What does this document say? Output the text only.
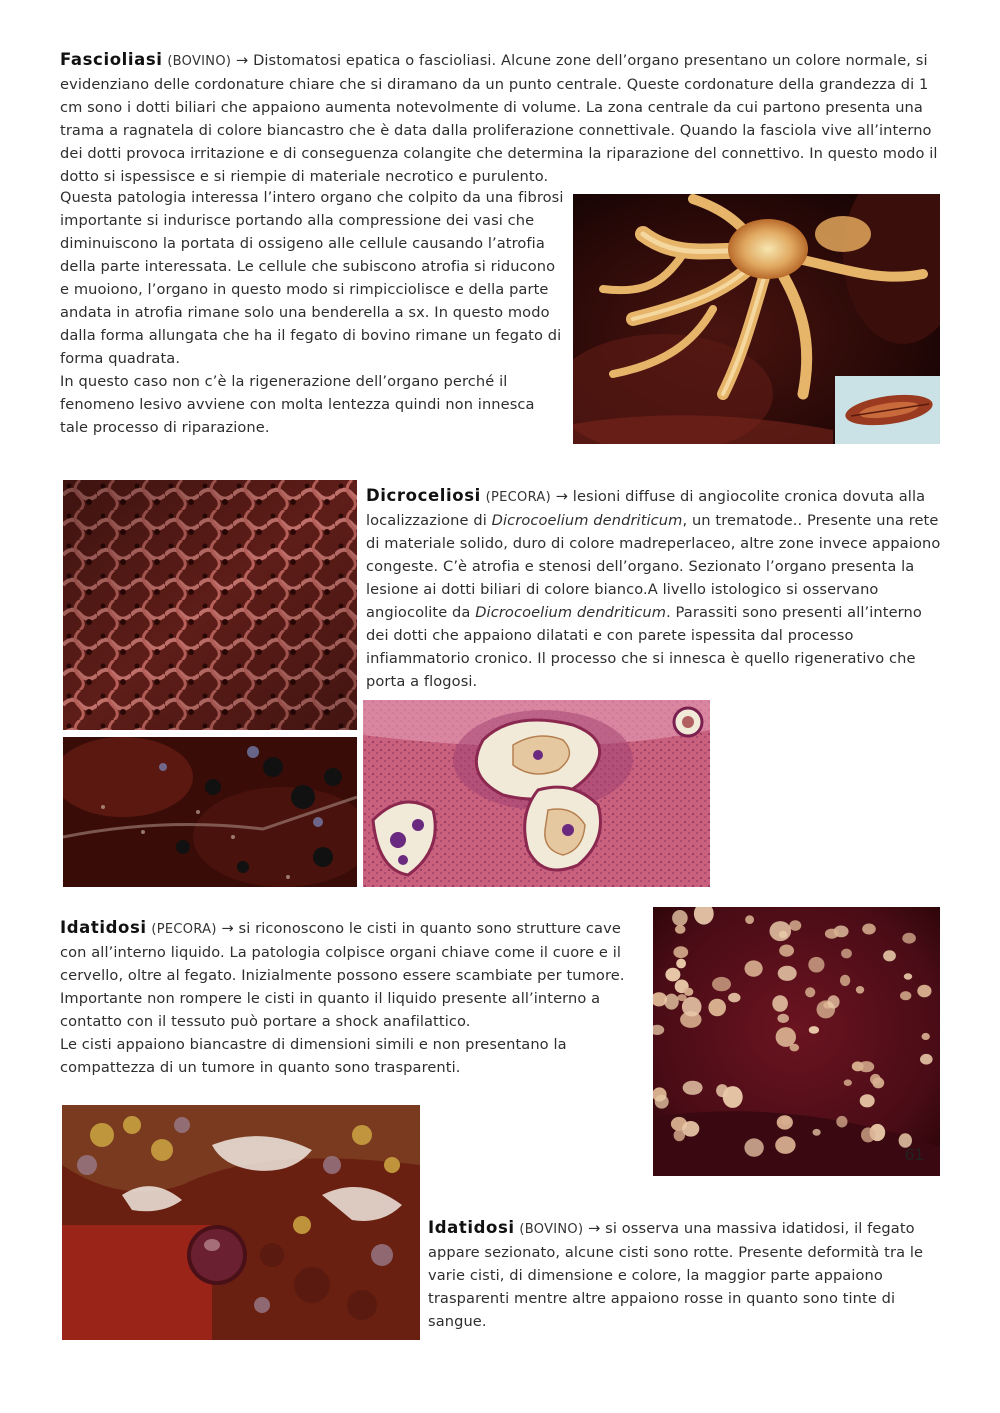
Fascioliasi (BOVINO) → Distomatosi epatica o fascioliasi. Alcune zone dell’organo presentano un colore normale, si evidenziano delle cordonature chiare che si diramano da un punto centrale. Queste cordonature della grandezza di 1 cm sono i dotti biliari che appaiono aumenta notevolmente di volume. La zona centrale da cui partono presenta una trama a ragnatela di colore biancastro che è data dalla proliferazione connettivale. Quando la fasciola vive all’interno dei dotti provoca irritazione e di conseguenza colangite che determina la riparazione del connettivo. In questo modo il dotto si ispessisce e si riempie di materiale necrotico e purulento.
Questa patologia interessa l’intero organo che colpito da una fibrosi importante si indurisce portando alla compressione dei vasi che diminuiscono la portata di ossigeno alle cellule causando l’atrofia della parte interessata. Le cellule che subiscono atrofia si riducono e muoiono, l’organo in questo modo si rimpicciolisce e della parte andata in atrofia rimane solo una benderella a sx. In questo modo dalla forma allungata che ha il fegato di bovino rimane un fegato di forma quadrata.
In questo caso non c’è la rigenerazione dell’organo perché il fenomeno lesivo avviene con molta lentezza quindi non innesca tale processo di riparazione.
Dicroceliosi (PECORA) → lesioni diffuse di angiocolite cronica dovuta alla localizzazione di Dicrocoelium dendriticum, un trematode.. Presente una rete di materiale solido, duro di colore madreperlaceo, altre zone invece appaiono congeste. C’è atrofia e stenosi dell’organo. Sezionato l’organo presenta la lesione ai dotti biliari di colore bianco.A livello istologico si osservano angiocolite da Dicrocoelium dendriticum. Parassiti sono presenti all’interno dei dotti che appaiono dilatati e con parete ispessita dal processo infiammatorio cronico. Il processo che si innesca è quello rigenerativo che porta a flogosi.
Idatidosi (PECORA) → si riconoscono le cisti in quanto sono strutture cave con all’interno liquido. La patologia colpisce organi chiave come il cuore e il cervello, oltre al fegato. Inizialmente possono essere scambiate per tumore. Importante non rompere le cisti in quanto il liquido presente all’interno a contatto con il tessuto può portare a shock anafilattico.
Le cisti appaiono biancastre di dimensioni simili e non presentano la compattezza di un tumore in quanto sono trasparenti.
Idatidosi (BOVINO) → si osserva una massiva idatidosi, il fegato appare sezionato, alcune cisti sono rotte. Presente deformità tra le varie cisti, di dimensione e colore, la maggior parte appaiono trasparenti mentre altre appaiono rosse in quanto sono tinte di sangue.
61
